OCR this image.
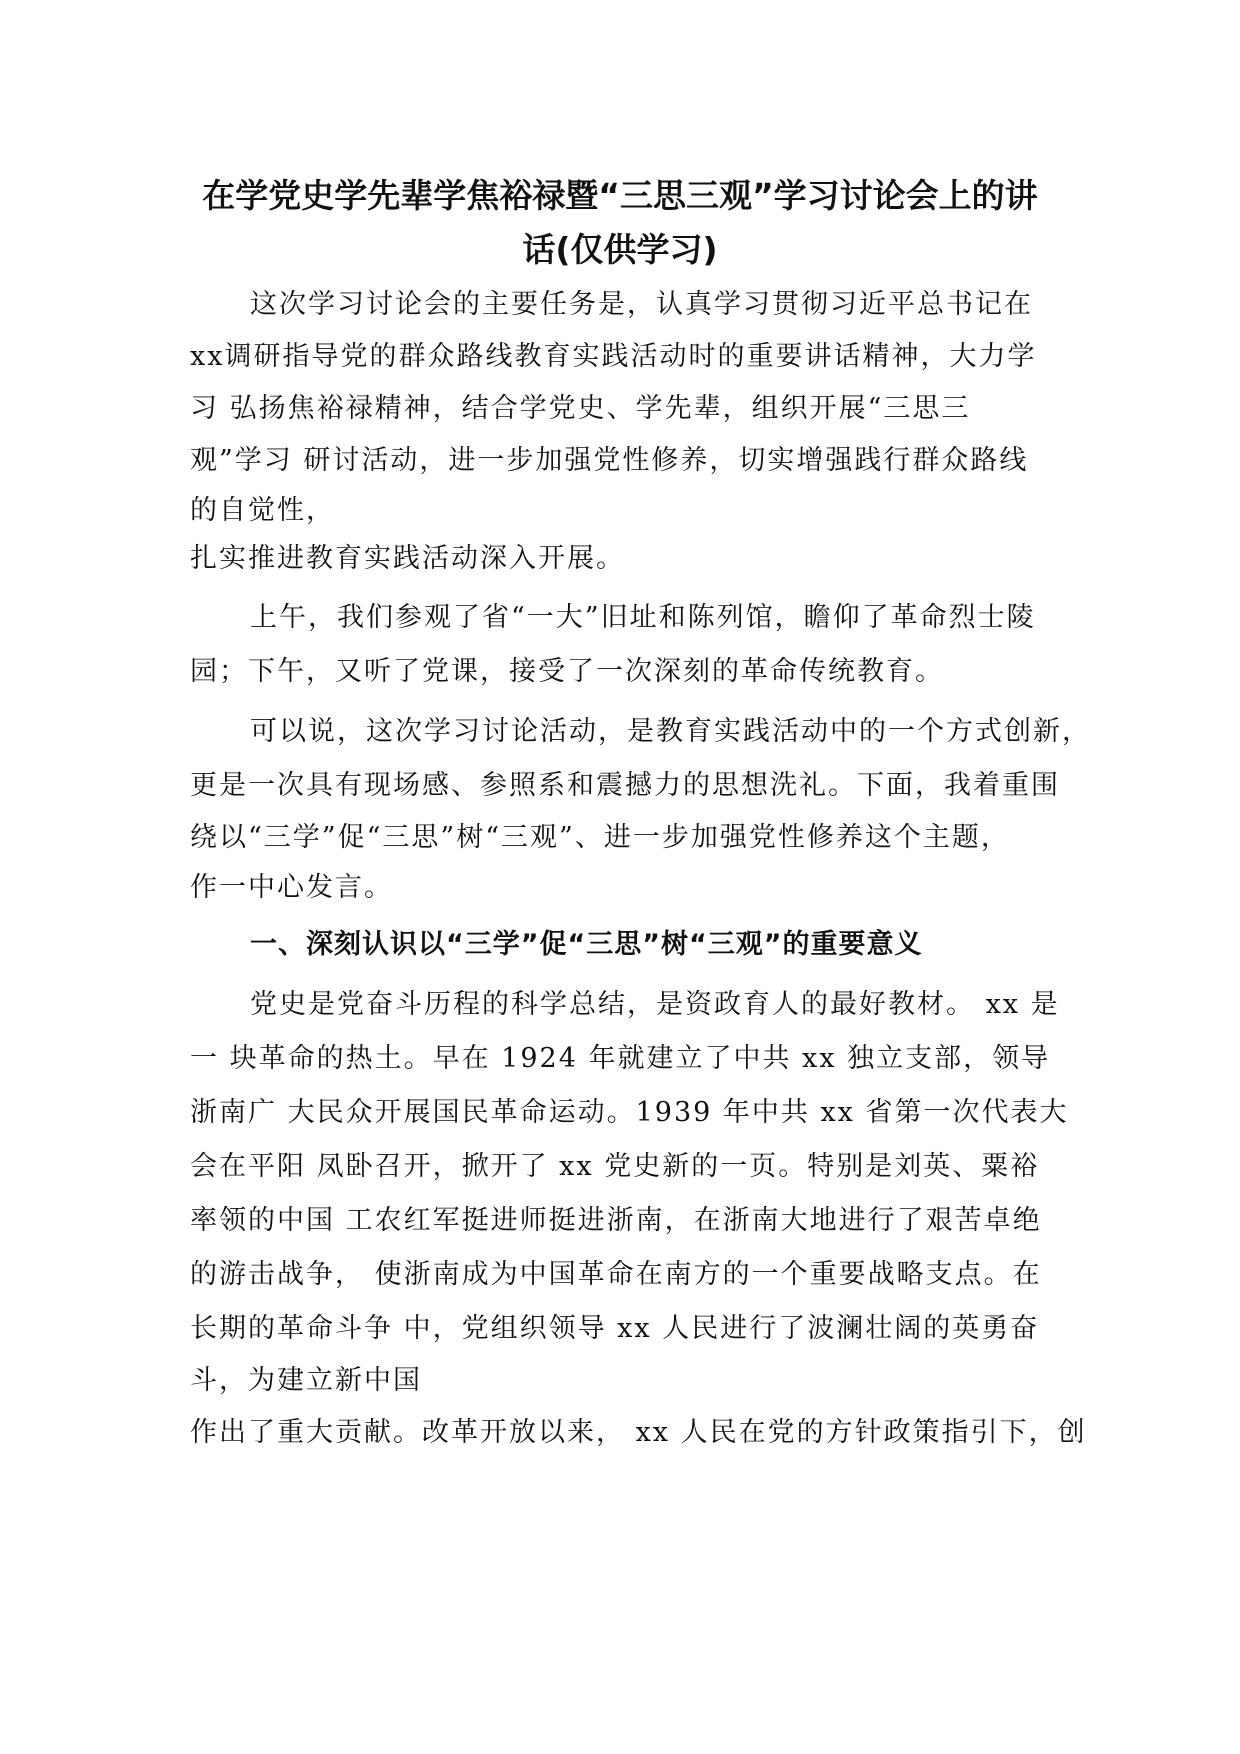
在学党史学先辈学焦裕禄暨“三思三观”学习讨论会上的讲
话(仅供学习)

这次学习讨论会的主要任务是，认真学习贯彻习近平总书记在

xx调研指导党的群众路线教育实践活动时的重要讲话精神，大力学

习 弘扬焦裕禄精神，结合学党史、学先辈，组织开展“三思三

观”学习 研讨活动，进一步加强党性修养，切实增强践行群众路线

的自觉性，

扎实推进教育实践活动深入开展。

上午，我们参观了省“一大”旧址和陈列馆，瞻仰了革命烈士陵

园；下午，又听了党课，接受了一次深刻的革命传统教育。

可以说，这次学习讨论活动，是教育实践活动中的一个方式创新，

更是一次具有现场感、参照系和震撼力的思想洗礼。下面，我着重围

绕以“三学”促“三思”树“三观”、进一步加强党性修养这个主题，

作一中心发言。

一、深刻认识以“三学”促“三思”树“三观”的重要意义

党史是党奋斗历程的科学总结，是资政育人的最好教材。 xx 是

一 块革命的热土。早在 1924 年就建立了中共 xx 独立支部，领导

浙南广 大民众开展国民革命运动。1939 年中共 xx 省第一次代表大

会在平阳 凤卧召开，掀开了 xx 党史新的一页。特别是刘英、粟裕

率领的中国 工农红军挺进师挺进浙南，在浙南大地进行了艰苦卓绝

的游击战争， 使浙南成为中国革命在南方的一个重要战略支点。在

长期的革命斗争 中，党组织领导 xx 人民进行了波澜壮阔的英勇奋

斗，为建立新中国

作出了重大贡献。改革开放以来， xx 人民在党的方针政策指引下，创
